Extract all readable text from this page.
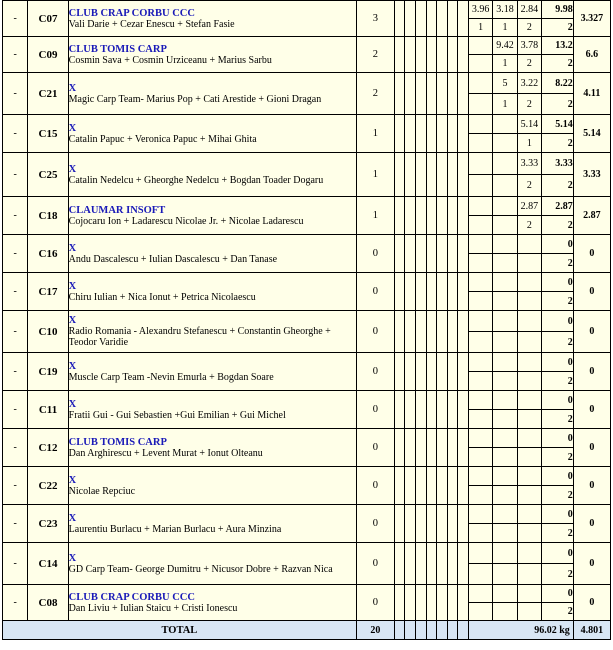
-	C07	CLUB CRAP CORBU CCC
Vali Darie + Cezar Enescu + Stefan Fasie	3								3.96	3.18	2.84	9.98	3.327
											1	1	2	2	
-	C09	CLUB TOMIS CARP
Cosmin Sava + Cosmin Urziceanu + Marius Sarbu	2									9.42	3.78	13.2	6.6
												1	2	2	
-	C21	X
Magic Carp Team- Marius Pop + Cati Arestide + Gioni Dragan	2									5	3.22	8.22	4.11
												1	2	2	
-	C15	X
Catalin Papuc + Veronica Papuc + Mihai Ghita	1										5.14	5.14	5.14
													1	2	
-	C25	X
Catalin Nedelcu + Gheorghe Nedelcu + Bogdan Toader Dogaru	1										3.33	3.33	3.33
													2	2	
-	C18	CLAUMAR INSOFT
Cojocaru Ion + Ladarescu Nicolae Jr. + Nicolae Ladarescu	1										2.87	2.87	2.87
													2	2	
-	C16	X
Andu Dascalescu + Iulian Dascalescu + Dan Tanase	0											0	0
														2	
-	C17	X
Chiru Iulian + Nica Ionut + Petrica Nicolaescu	0											0	0
														2	
-	C10	X
Radio Romania - Alexandru Stefanescu + Constantin Gheorghe + Teodor Varidie	0											0	0
														2	
-	C19	X
Muscle Carp Team -Nevin Emurla + Bogdan Soare	0											0	0
														2	
-	C11	X
Fratii Gui - Gui Sebastien +Gui Emilian + Gui Michel	0											0	0
														2	
-	C12	CLUB TOMIS CARP
Dan Arghirescu + Levent Murat + Ionut Olteanu	0											0	0
														2	
-	C22	X
Nicolae Repciuc	0											0	0
														2	
-	C23	X
Laurentiu Burlacu + Marian Burlacu + Aura Minzina	0											0	0
														2	
-	C14	X
GD Carp Team- George Dumitru + Nicusor Dobre + Razvan Nica	0											0	0
														2	
-	C08	CLUB CRAP CORBU CCC
Dan Liviu + Iulian Staicu + Cristi Ionescu	0											0	0
														2	
TOTAL			20								96.02 kg				4.801
